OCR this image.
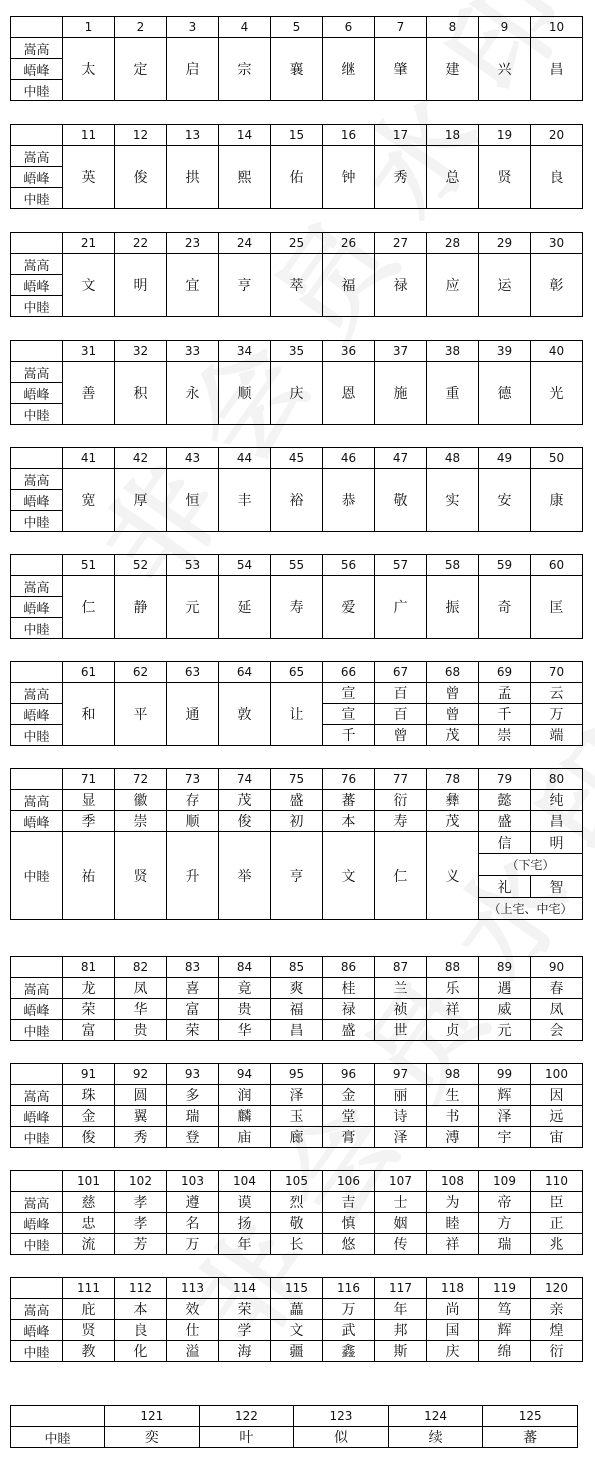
	1	2	3	4	5	6	7	8	9	10
嵩高	太	定	启	宗	襄	继	肇	建	兴	昌
峿峰										
中睦										
	11	12	13	14	15	16	17	18	19	20
嵩高	英	俊	拱	熙	佑	钟	秀	总	贤	良
峿峰										
中睦										
	21	22	23	24	25	26	27	28	29	30
嵩高	文	明	宜	亨	萃	福	禄	应	运	彰
峿峰										
中睦										
	31	32	33	34	35	36	37	38	39	40
嵩高	善	积	永	顺	庆	恩	施	重	德	光
峿峰										
中睦										
	41	42	43	44	45	46	47	48	49	50
嵩高	宽	厚	恒	丰	裕	恭	敬	实	安	康
峿峰										
中睦										
	51	52	53	54	55	56	57	58	59	60
嵩高	仁	静	元	延	寿	爱	广	振	奇	匡
峿峰										
中睦										
	61	62	63	64	65	66	67	68	69	70
嵩高	和	平	通	敦	让	宣	百	曾	孟	云
峿峰						宣	百	曾	千	万
中睦						千	曾	茂	崇	端
	71	72	73	74	75	76	77	78	79	80
嵩高	显	徽	存	茂	盛	蕃	衍	彝	懿	纯
峿峰	季	崇	顺	俊	初	本	寿	茂	盛	昌
中睦	祐	贤	升	举	亨	文	仁	义	信	明
									（下宅）	
									礼	智
									（上宅、中宅）	
	81	82	83	84	85	86	87	88	89	90
嵩高	龙	凤	喜	竟	爽	桂	兰	乐	遇	春
峿峰	荣	华	富	贵	福	禄	祯	祥	威	凤
中睦	富	贵	荣	华	昌	盛	世	贞	元	会
	91	92	93	94	95	96	97	98	99	100
嵩高	珠	圆	多	润	泽	金	丽	生	辉	因
峿峰	金	翼	瑞	麟	玉	堂	诗	书	泽	远
中睦	俊	秀	登	庙	廊	膏	泽	溥	宇	宙
	101	102	103	104	105	106	107	108	109	110
嵩高	慈	孝	遵	谟	烈	吉	士	为	帝	臣
峿峰	忠	孝	名	扬	敬	慎	姻	睦	方	正
中睦	流	芳	万	年	长	悠	传	祥	瑞	兆
	111	112	113	114	115	116	117	118	119	120
嵩高	庇	本	效	荣	藟	万	年	尚	笃	亲
峿峰	贤	良	仕	学	文	武	邦	国	辉	煌
中睦	教	化	溢	海	疆	鑫	斯	庆	绵	衍
	121	122	123	124	125
中睦	奕	叶	似	续	蕃
